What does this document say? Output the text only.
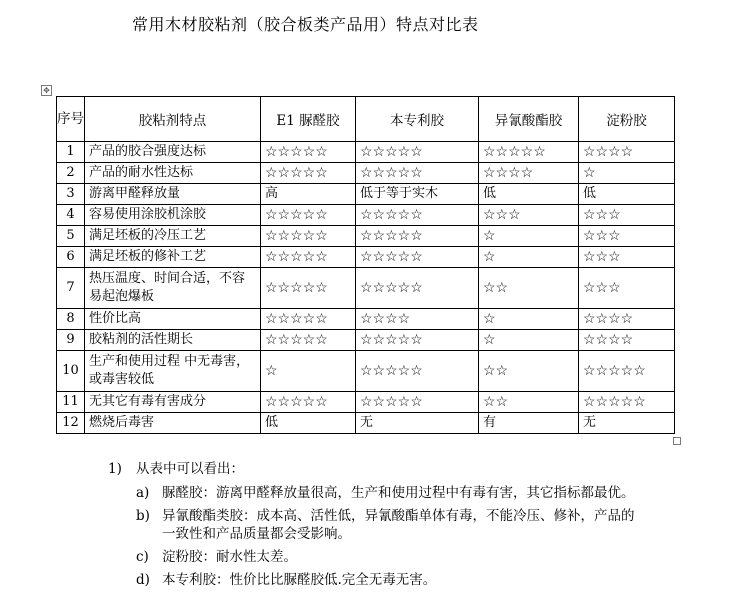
常用木材胶粘剂（胶合板类产品用）特点对比表
✥
序号	胶粘剂特点	E1 脲醛胶	本专利胶	异氰酸酯胶	淀粉胶
1	产品的胶合强度达标	☆☆☆☆☆	☆☆☆☆☆	☆☆☆☆☆	☆☆☆☆
2	产品的耐水性达标	☆☆☆☆☆	☆☆☆☆☆	☆☆☆☆	☆
3	游离甲醛释放量	高	低于等于实木	低	低
4	容易使用涂胶机涂胶	☆☆☆☆☆	☆☆☆☆☆	☆☆☆	☆☆☆
5	满足坯板的冷压工艺	☆☆☆☆☆	☆☆☆☆☆	☆	☆☆☆
6	满足坯板的修补工艺	☆☆☆☆☆	☆☆☆☆☆	☆	☆☆☆
7	热压温度、时间合适，不容易起泡爆板	☆☆☆☆☆	☆☆☆☆☆	☆☆	☆☆☆
8	性价比高	☆☆☆☆☆	☆☆☆☆	☆	☆☆☆☆
9	胶粘剂的活性期长	☆☆☆☆☆	☆☆☆☆☆	☆	☆☆☆☆
10	生产和使用过程 中无毒害，或毒害较低	☆	☆☆☆☆☆	☆☆	☆☆☆☆☆
11	无其它有毒有害成分	☆☆☆☆☆	☆☆☆☆☆	☆☆	☆☆☆☆☆
12	燃烧后毒害	低	无	有	无
1) 从表中可以看出：
a) 脲醛胶：游离甲醛释放量很高，生产和使用过程中有毒有害，其它指标都最优。
b) 异氰酸酯类胶：成本高、活性低，异氰酸酯单体有毒，不能冷压、修补，产品的一致性和产品质量都会受影响。
c) 淀粉胶：耐水性太差。
d) 本专利胶：性价比比脲醛胶低.完全无毒无害。
